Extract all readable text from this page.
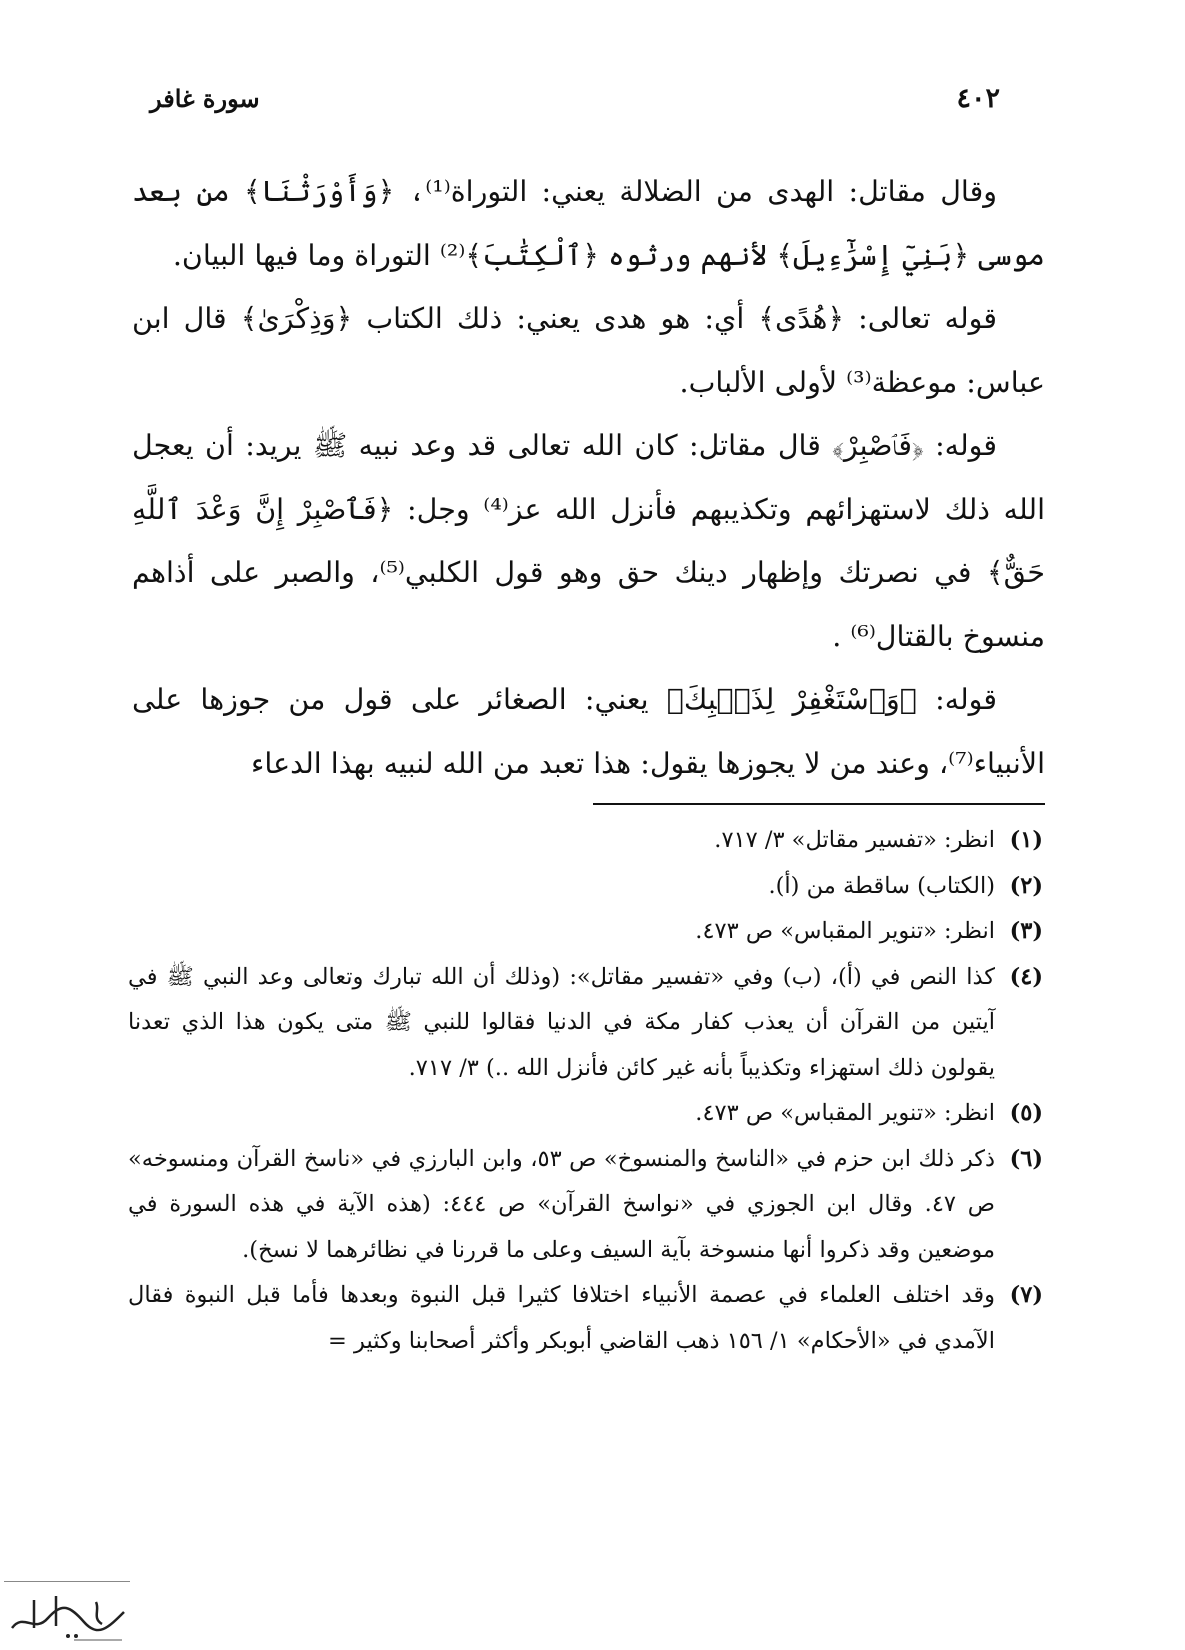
٤٠٢
سورة غافر

وقال مقاتل: الهدى من الضلالة يعني: التوراة⁽¹⁾، ﴿وَأَوْرَثْنَا﴾ من بعد موسى ﴿بَنِيٓ إِسْرَٰٓءِيلَ﴾ لأنهم ورثوه ﴿ٱلْكِتَٰبَ﴾⁽²⁾ التوراة وما فيها البيان.

قوله تعالى: ﴿هُدًى﴾ أي: هو هدى يعني: ذلك الكتاب ﴿وَذِكْرَىٰ﴾ قال ابن عباس: موعظة⁽³⁾ لأولى الألباب.

قوله: ﴿فَٱصْبِرْ﴾ قال مقاتل: كان الله تعالى قد وعد نبيه ﷺ يريد: أن يعجل الله ذلك لاستهزائهم وتكذيبهم فأنزل الله عز⁽⁴⁾ وجل: ﴿فَٱصْبِرْ إِنَّ وَعْدَ ٱللَّهِ حَقٌّ﴾ في نصرتك وإظهار دينك حق وهو قول الكلبي⁽⁵⁾، والصبر على أذاهم منسوخ بالقتال⁽⁶⁾ .

قوله: ﴿وَٱسْتَغْفِرْ لِذَنۢبِكَ﴾ يعني: الصغائر على قول من جوزها على الأنبياء⁽⁷⁾، وعند من لا يجوزها يقول: هذا تعبد من الله لنبيه بهذا الدعاء

(١)
انظر: «تفسير مقاتل» ٣/ ٧١٧.
(٢)
(الكتاب) ساقطة من (أ).
(٣)
انظر: «تنوير المقباس» ص ٤٧٣.
(٤)
كذا النص في (أ)، (ب) وفي «تفسير مقاتل»: (وذلك أن الله تبارك وتعالى وعد النبي ﷺ في آيتين من القرآن أن يعذب كفار مكة في الدنيا فقالوا للنبي ﷺ متى يكون هذا الذي تعدنا يقولون ذلك استهزاء وتكذيباً بأنه غير كائن فأنزل الله ..) ٣/ ٧١٧.
(٥)
انظر: «تنوير المقباس» ص ٤٧٣.
(٦)
ذكر ذلك ابن حزم في «الناسخ والمنسوخ» ص ٥٣، وابن البارزي في «ناسخ القرآن ومنسوخه» ص ٤٧. وقال ابن الجوزي في «نواسخ القرآن» ص ٤٤٤: (هذه الآية في هذه السورة في موضعين وقد ذكروا أنها منسوخة بآية السيف وعلى ما قررنا في نظائرهما لا نسخ).
(٧)
وقد اختلف العلماء في عصمة الأنبياء اختلافا كثيرا قبل النبوة وبعدها فأما قبل النبوة فقال الآمدي في «الأحكام» ١/ ١٥٦ ذهب القاضي أبوبكر وأكثر أصحابنا وكثير =
